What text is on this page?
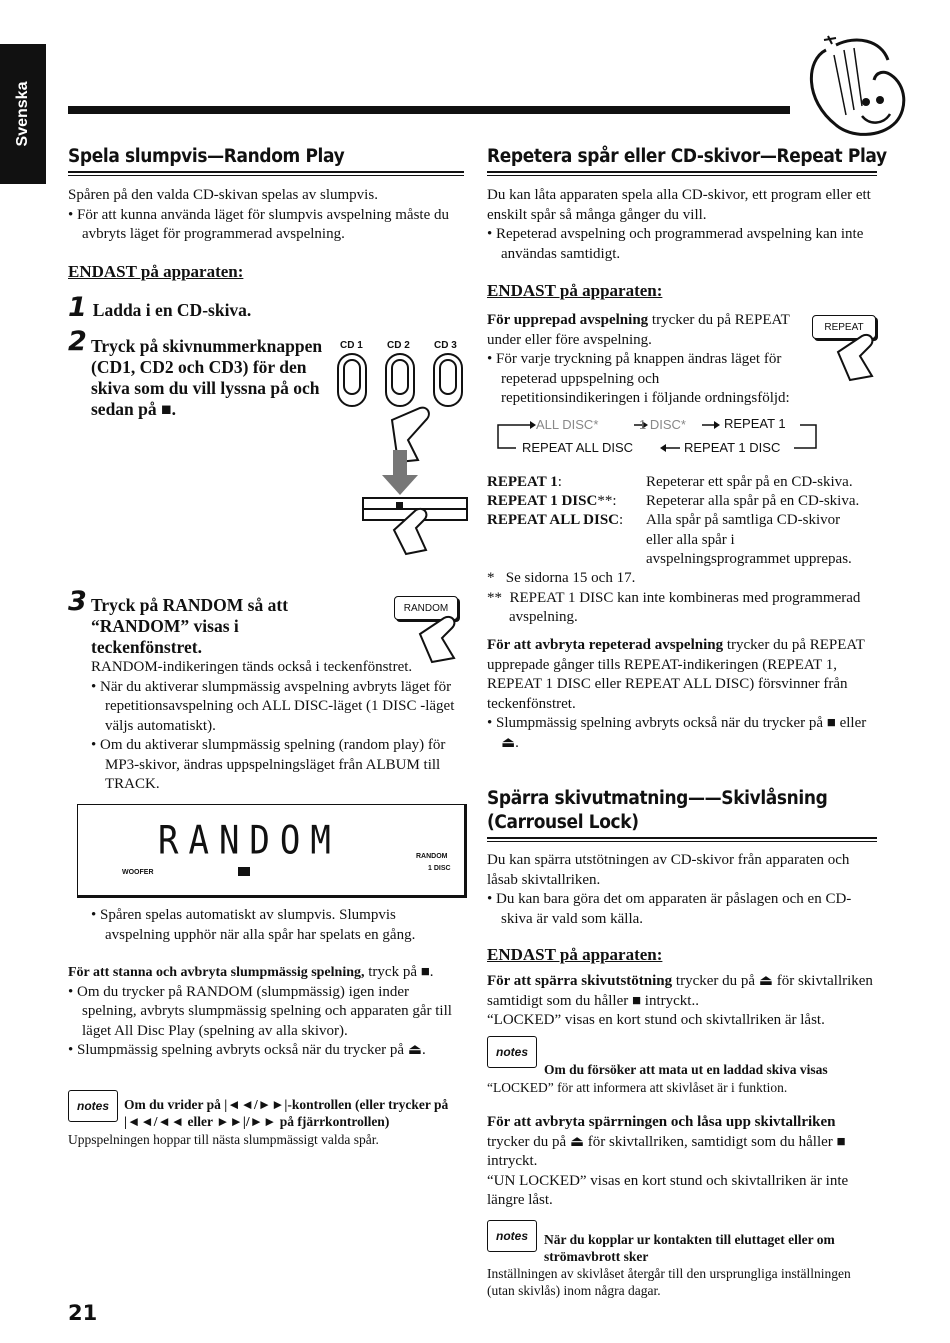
Svenska
Spela slumpvis—Random Play

Spåren på den valda CD-skivan spelas av slumpvis.

• För att kunna använda läget för slumpvis avspelning måste du avbryts läget för programmerad avspelning.

ENDAST på apparaten:
1 Ladda i en CD-skiva.
2 Tryck på skivnummerknappen (CD1, CD2 och CD3) för den skiva som du vill lyssna på och sedan på ■.
CD 1 CD 2 CD 3
3 Tryck på RANDOM så att “RANDOM” visas i teckenfönstret.
RANDOM

RANDOM-indikeringen tänds också i teckenfönstret.

• När du aktiverar slumpmässig avspelning avbryts läget för repetitionsavspelning och ALL DISC-läget (1 DISC -läget väljs automatiskt).

• Om du aktiverar slumpmässig spelning (random play) för MP3-skivor, ändras uppspelningsläget från ALBUM till TRACK.

RANDOM
WOOFER
RANDOM
1 DISC

• Spåren spelas automatiskt av slumpvis. Slumpvis avspelning upphör när alla spår har spelats en gång.

För att stanna och avbryta slumpmässig spelning, tryck på ■.

• Om du trycker på RANDOM (slumpmässig) igen inder spelning, avbryts slumpmässig spelning och apparaten går till läget All Disc Play (spelning av alla skivor).

• Slumpmässig spelning avbryts också när du trycker på ⏏.

notes Om du vrider på |◄◄/►►|-kontrollen (eller trycker på
|◄◄/◄◄ eller ►►|/►► på fjärrkontrollen)
Uppspelningen hoppar till nästa slumpmässigt valda spår.
21
Repetera spår eller CD-skivor—Repeat Play

Du kan låta apparaten spela alla CD-skivor, ett program eller ett enskilt spår så många gånger du vill.

• Repeterad avspelning och programmerad avspelning kan inte användas samtidigt.

ENDAST på apparaten:

För upprepad avspelning trycker du på REPEAT under eller före avspelning.

• För varje tryckning på knappen ändras läget för repeterad uppspelning och repetitionsindikeringen i följande ordningsföljd:

REPEAT
ALL DISC*	1 DISC*	REPEAT 1
REPEAT ALL DISC	REPEAT 1 DISC
REPEAT 1:	Repeterar ett spår på en CD-skiva.
REPEAT 1 DISC**:	Repeterar alla spår på en CD-skiva.
REPEAT ALL DISC:	Alla spår på samtliga CD-skivor eller alla spår i avspelningsprogrammet upprepas.

*   Se sidorna 15 och 17.

**  REPEAT 1 DISC kan inte kombineras med programmerad avspelning.

För att avbryta repeterad avspelning trycker du på REPEAT upprepade gånger tills REPEAT-indikeringen (REPEAT 1, REPEAT 1 DISC eller REPEAT ALL DISC) försvinner från teckenfönstret.

• Slumpmässig spelning avbryts också när du trycker på ■ eller ⏏.

Spärra skivutmatning——Skivlåsning
(Carrousel Lock)

Du kan spärra utstötningen av CD-skivor från apparaten och låsab skivtallriken.

• Du kan bara göra det om apparaten är påslagen och en CD-skiva är vald som källa.

ENDAST på apparaten:

För att spärra skivutstötning trycker du på ⏏ för skivtallriken samtidigt som du håller ■ intryckt..

“LOCKED” visas en kort stund och skivtallriken är låst.

notes
Om du försöker att mata ut en laddad skiva visas
“LOCKED” för att informera att skivlåset är i funktion.

För att avbryta spärrningen och låsa upp skivtallriken

trycker du på ⏏ för skivtallriken, samtidigt som du håller ■ intryckt.

“UN LOCKED” visas en kort stund och skivtallriken är inte längre låst.

notes När du kopplar ur kontakten till eluttaget eller om
strömavbrott sker
Inställningen av skivlåset återgår till den ursprungliga inställningen (utan skivlås) inom några dagar.
